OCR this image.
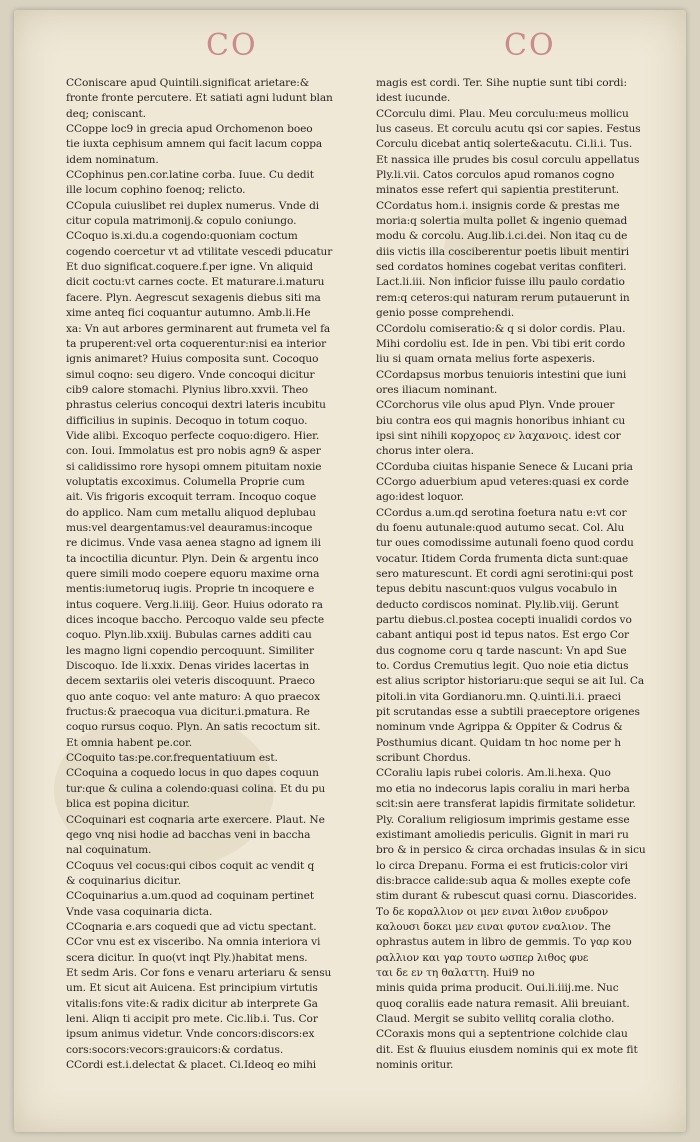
CO	CO
CConiscare apud Quintili.significat arietare:&
fronte fronte percutere. Et satiati agni ludunt blan
deq; coniscant.
CCoppe loc9 in grecia apud Orchomenon boeo
tie iuxta cephisum amnem qui facit lacum coppa
idem nominatum.
CCophinus pen.cor.latine corba. Iuue. Cu dedit
ille locum cophino foenoq; relicto.
CCopula cuiuslibet rei duplex numerus. Vnde di
citur copula matrimonij.& copulo coniungo.
CCoquo is.xi.du.a cogendo:quoniam coctum
cogendo coercetur vt ad vtilitate vescedi pducatur
Et duo significat.coquere.f.per igne. Vn aliquid
dicit coctu:vt carnes cocte. Et maturare.i.maturu
facere. Plyn. Aegrescut sexagenis diebus siti ma
xime anteq fici coquantur autumno. Amb.li.He
xa: Vn aut arbores germinarent aut frumeta vel fa
ta pruperent:vel orta coquerentur:nisi ea interior
ignis animaret? Huius composita sunt. Cocoquo
simul coqno: seu digero. Vnde concoqui dicitur
cib9 calore stomachi. Plynius libro.xxvii. Theo
phrastus celerius concoqui dextri lateris incubitu
difficilius in supinis. Decoquo in totum coquo.
Vide alibi. Excoquo perfecte coquo:digero. Hier.
con. Ioui. Immolatus est pro nobis agn9 & asper
si calidissimo rore hysopi omnem pituitam noxie
voluptatis excoximus. Columella Proprie cum
ait. Vis frigoris excoquit terram. Incoquo coque
do applico. Nam cum metallu aliquod deplubau
mus:vel deargentamus:vel deauramus:incoque
re dicimus. Vnde vasa aenea stagno ad ignem ili
ta incoctilia dicuntur. Plyn. Dein & argentu inco
quere simili modo coepere equoru maxime orna
mentis:iumetoruq iugis. Proprie tn incoquere e
intus coquere. Verg.li.iiij. Geor. Huius odorato ra
dices incoque baccho. Percoquo valde seu pfecte
coquo. Plyn.lib.xxiij. Bubulas carnes additi cau
les magno ligni copendio percoquunt. Similiter
Discoquo. Ide li.xxix. Denas virides lacertas in
decem sextariis olei veteris discoquunt. Praeco
quo ante coquo: vel ante maturo: A quo praecox
fructus:& praecoqua vua dicitur.i.pmatura. Re
coquo rursus coquo. Plyn. An satis recoctum sit.
Et omnia habent pe.cor.
CCoquito tas:pe.cor.frequentatiuum est.
CCoquina a coquedo locus in quo dapes coquun
tur:que & culina a colendo:quasi colina. Et du pu
blica est popina dicitur.
CCoquinari est coqnaria arte exercere. Plaut. Ne
qego vnq nisi hodie ad bacchas veni in baccha
nal coquinatum.
CCoquus vel cocus:qui cibos coquit ac vendit q
& coquinarius dicitur.
CCoquinarius a.um.quod ad coquinam pertinet
Vnde vasa coquinaria dicta.
CCoqnaria e.ars coquedi que ad victu spectant.
CCor vnu est ex visceribo. Na omnia interiora vi
scera dicitur. In quo(vt inqt Ply.)habitat mens.
Et sedm Aris. Cor fons e venaru arteriaru & sensu
um. Et sicut ait Auicena. Est principium virtutis
vitalis:fons vite:& radix dicitur ab interprete Ga
leni. Aliqn ti accipit pro mete. Cic.lib.i. Tus. Cor
ipsum animus videtur. Vnde concors:discors:ex
cors:socors:vecors:grauicors:& cordatus.
CCordi est.i.delectat & placet. Ci.Ideoq eo mihi
magis est cordi. Ter. Sihe nuptie sunt tibi cordi:
idest iucunde.
CCorculu dimi. Plau. Meu corculu:meus mollicu
lus caseus. Et corculu acutu qsi cor sapies. Festus
Corculu dicebat antiq solerte&acutu. Ci.li.i. Tus.
Et nassica ille prudes bis cosul corculu appellatus
Ply.li.vii. Catos corculos apud romanos cogno
minatos esse refert qui sapientia prestiterunt.
CCordatus hom.i. insignis corde & prestas me
moria:q solertia multa pollet & ingenio quemad
modu & corcolu. Aug.lib.i.ci.dei. Non itaq cu de
diis victis illa cosciberentur poetis libuit mentiri
sed cordatos homines cogebat veritas confiteri.
Lact.li.iii. Non inficior fuisse illu paulo cordatio
rem:q ceteros:qui naturam rerum putauerunt in
genio posse comprehendi.
CCordolu comiseratio:& q si dolor cordis. Plau.
Mihi cordoliu est. Ide in pen. Vbi tibi erit cordo
liu si quam ornata melius forte aspexeris.
CCordapsus morbus tenuioris intestini que iuni
ores iliacum nominant.
CCorchorus vile olus apud Plyn. Vnde prouer
biu contra eos qui magnis honoribus inhiant cu
ipsi sint nihili κορχορος εν λαχανοις. idest cor
chorus inter olera.
CCorduba ciuitas hispanie Senece & Lucani pria
CCorgo aduerbium apud veteres:quasi ex corde
ago:idest loquor.
CCordus a.um.qd serotina foetura natu e:vt cor
du foenu autunale:quod autumo secat. Col. Alu
tur oues comodissime autunali foeno quod cordu
vocatur. Itidem Corda frumenta dicta sunt:quae
sero maturescunt. Et cordi agni serotini:qui post
tepus debitu nascunt:quos vulgus vocabulo in
deducto cordiscos nominat. Ply.lib.viij. Gerunt
partu diebus.cl.postea cocepti inualidi cordos vo
cabant antiqui post id tepus natos. Est ergo Cor
dus cognome coru q tarde nascunt: Vn apd Sue
to. Cordus Cremutius legit. Quo noie etia dictus
est alius scriptor historiaru:que sequi se ait Iul. Ca
pitoli.in vita Gordianoru.mn. Q.uinti.li.i. praeci
pit scrutandas esse a subtili praeceptore origenes
nominum vnde Agrippa & Oppiter & Codrus &
Posthumius dicant. Quidam tn hoc nome per h
scribunt Chordus.
CCoraliu lapis rubei coloris. Am.li.hexa. Quo
mo etia no indecorus lapis coraliu in mari herba
scit:sin aere transferat lapidis firmitate solidetur.
Ply. Coralium religiosum imprimis gestame esse
existimant amoliedis periculis. Gignit in mari ru
bro & in persico & circa orchadas insulas & in sicu
lo circa Drepanu. Forma ei est fruticis:color viri
dis:bracce calide:sub aqua & molles exepte cofe
stim durant & rubescut quasi cornu. Diascorides.
Το δε κοραλλιον οι μεν ειναι λιθον ενυδρον
καλουσι δοκει μεν ειναι φυτον εναλιον. The
ophrastus autem in libro de gemmis. Το γαρ κου
ραλλιον και γαρ τουτο ωσπερ λιθος φυε
ται δε εν τη θαλαττη. Hui9 no
minis quida prima producit. Oui.li.iiij.me. Nuc
quoq coraliis eade natura remasit. Alii breuiant.
Claud. Mergit se subito vellitq coralia clotho.
CCoraxis mons qui a septentrione colchide clau
dit. Est & fluuius eiusdem nominis qui ex mote fit
nominis oritur.
